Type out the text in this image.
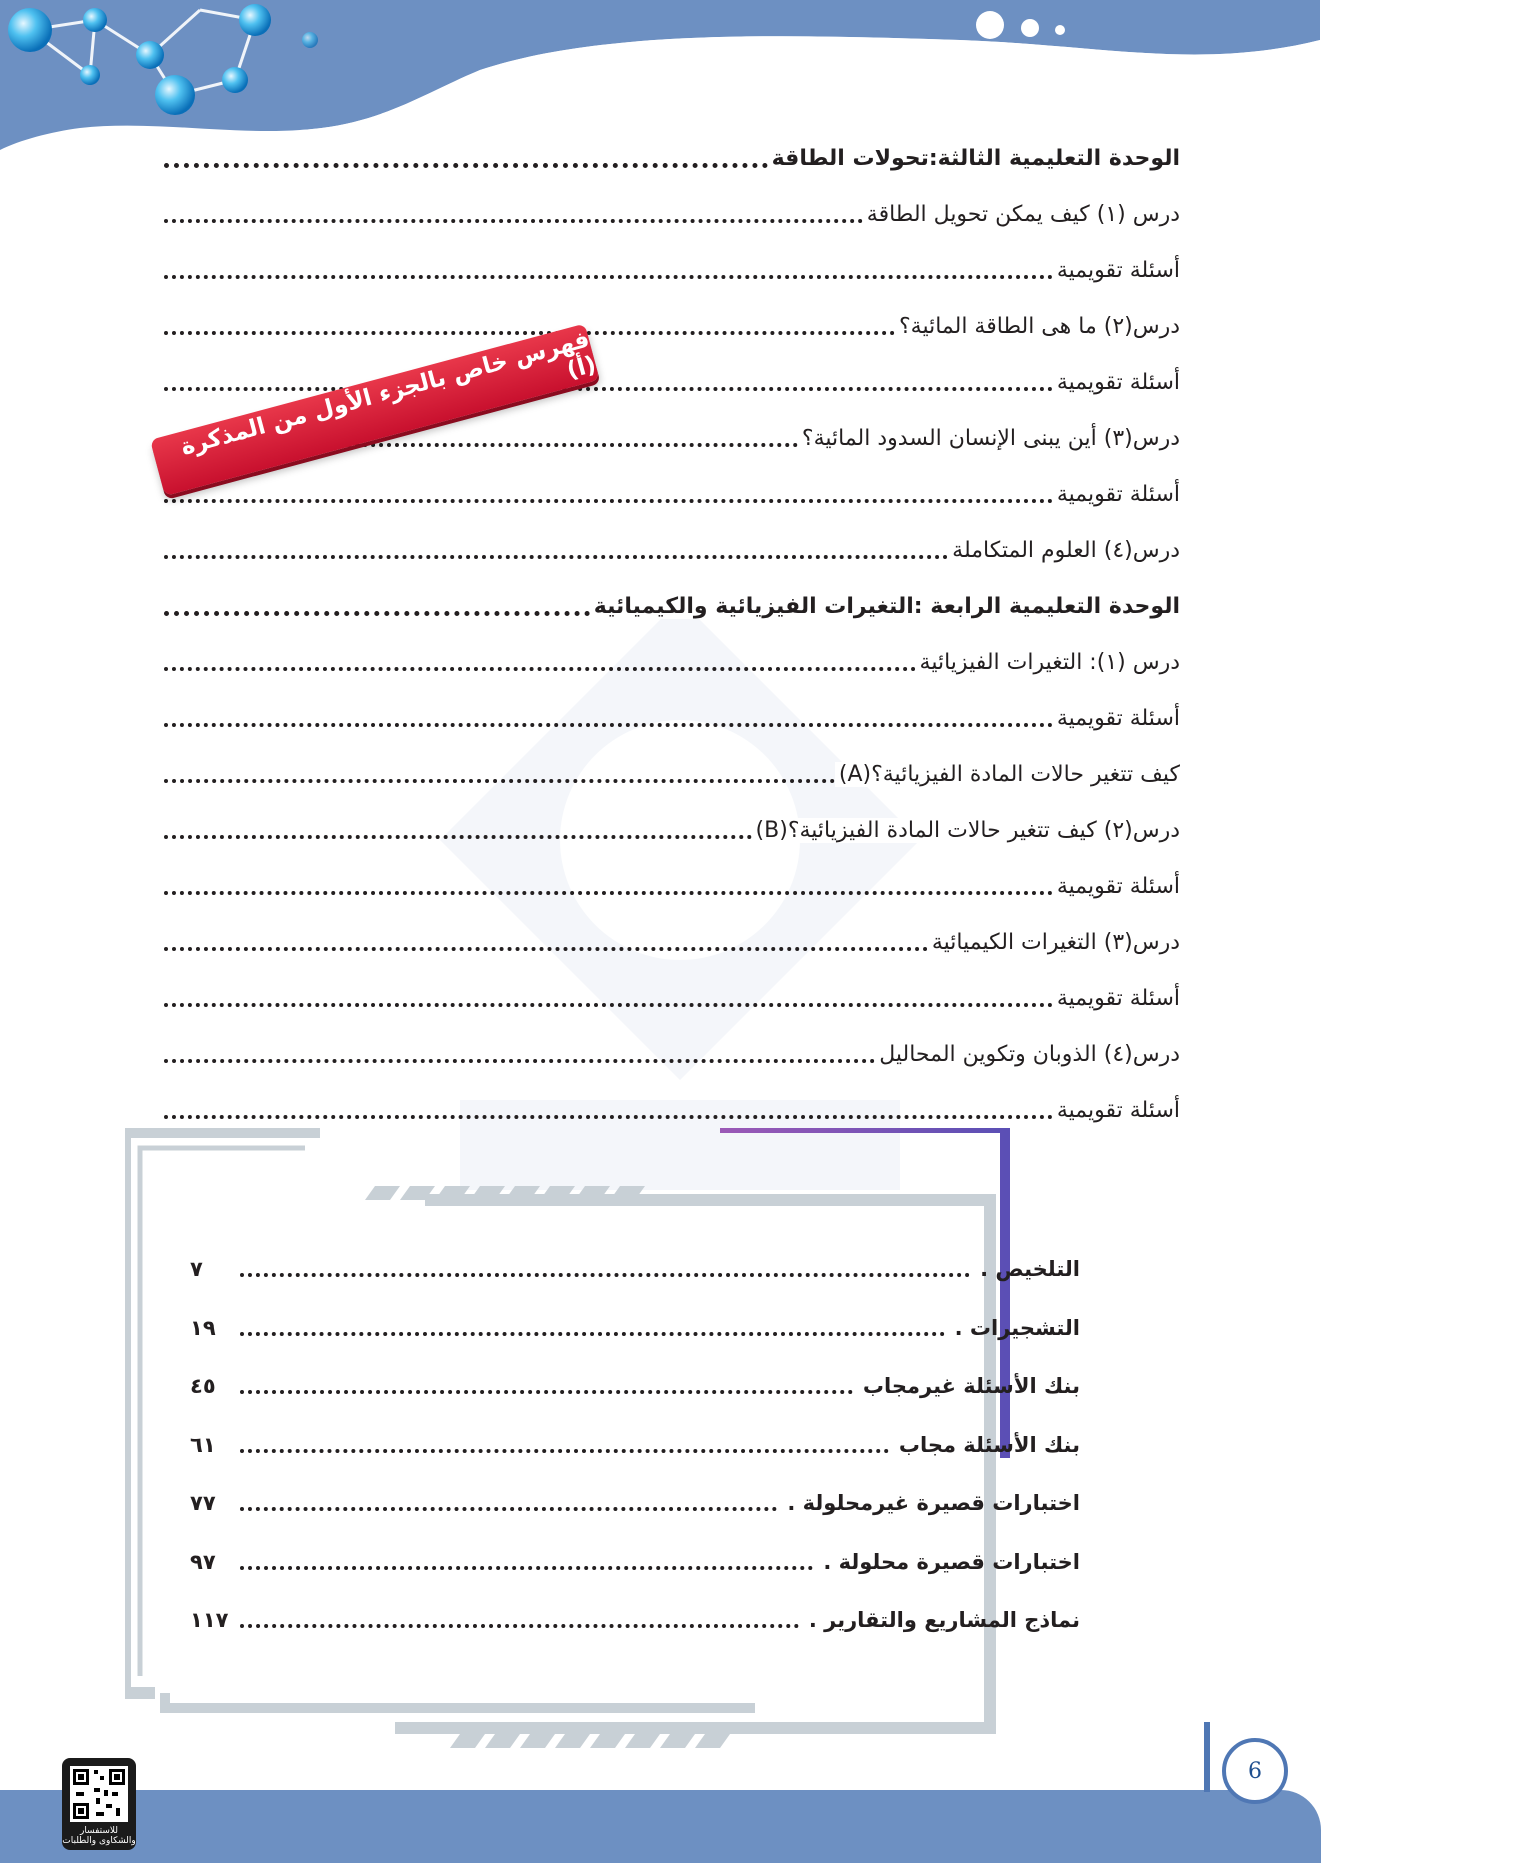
الوحدة التعليمية الثالثة:تحولات الطاقة
درس (١) كيف يمكن تحويل الطاقة
أسئلة تقويمية
درس(٢) ما هى الطاقة المائية؟
أسئلة تقويمية
درس(٣) أين يبنى الإنسان السدود المائية؟
أسئلة تقويمية
درس(٤) العلوم المتكاملة
الوحدة التعليمية الرابعة :التغيرات الفيزيائية والكيميائية
درس (١): التغيرات الفيزيائية
أسئلة تقويمية
كيف تتغير حالات المادة الفيزيائية؟(A)
درس(٢) كيف تتغير حالات المادة الفيزيائية؟(B)
أسئلة تقويمية
درس(٣) التغيرات الكيميائية
أسئلة تقويمية
درس(٤) الذوبان وتكوين المحاليل
أسئلة تقويمية
فهرس خاص بالجزء الأول من المذكرة (أ)
التلخيص .
٧
التشجيرات .
١٩
بنك الأسئلة غيرمجاب
٤٥
بنك الأسئلة مجاب
٦١
اختبارات قصيرة غيرمحلولة .
٧٧
اختبارات قصيرة محلولة .
٩٧
نماذج المشاريع والتقارير .
١١٧
6
للاستفسار والشكاوى والطلبات
